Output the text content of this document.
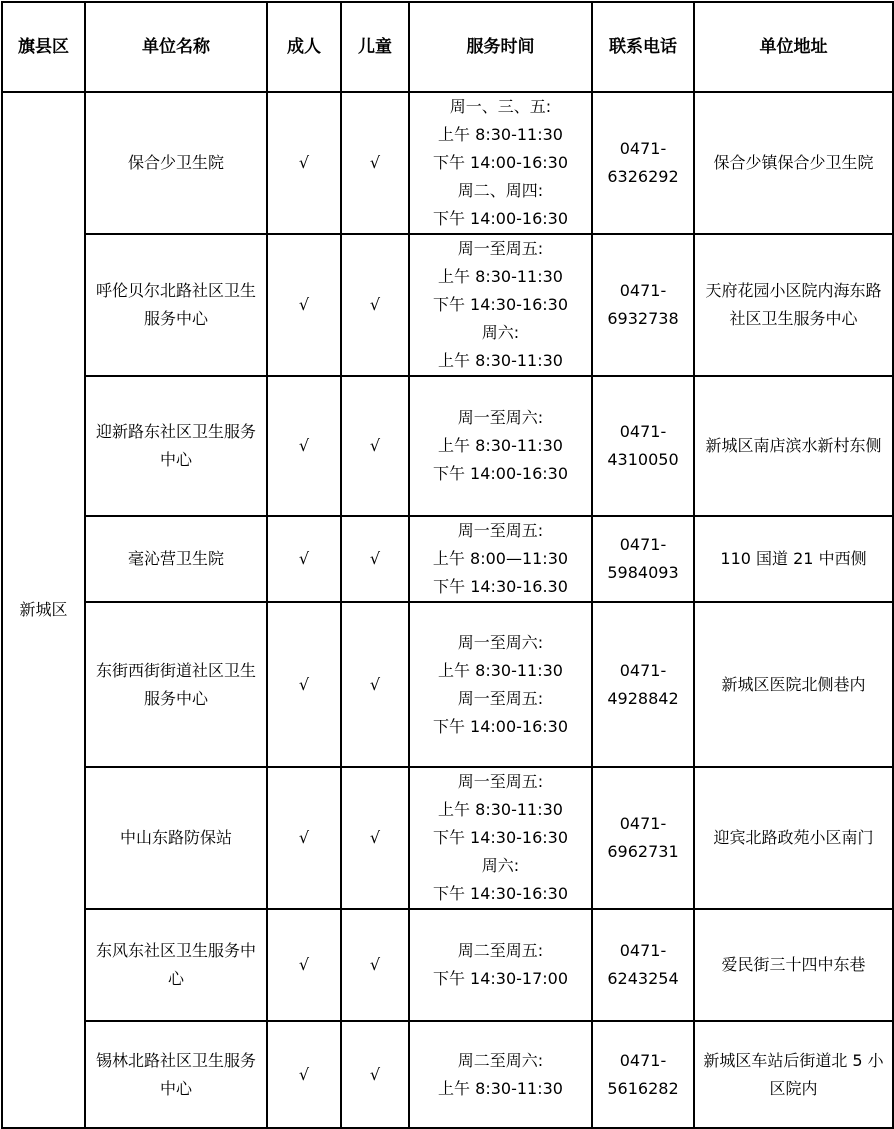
旗县区	单位名称	成人	儿童	服务时间	联系电话	单位地址
新城区	保合少卫生院	√	√	周一、三、五:
上午 8:30-11:30
下午 14:00-16:30
周二、周四:
下午 14:00-16:30	0471-
6326292	保合少镇保合少卫生院
	呼伦贝尔北路社区卫生服务中心	√	√	周一至周五:
上午 8:30-11:30
下午 14:30-16:30
周六:
上午 8:30-11:30	0471-
6932738	天府花园小区院内海东路社区卫生服务中心
	迎新路东社区卫生服务中心	√	√	周一至周六:
上午 8:30-11:30
下午 14:00-16:30	0471-
4310050	新城区南店滨水新村东侧
	毫沁营卫生院	√	√	周一至周五:
上午 8:00—11:30
下午 14:30-16.30	0471-
5984093	110 国道 21 中西侧
	东街西街街道社区卫生服务中心	√	√	周一至周六:
上午 8:30-11:30
周一至周五:
下午 14:00-16:30	0471-
4928842	新城区医院北侧巷内
	中山东路防保站	√	√	周一至周五:
上午 8:30-11:30
下午 14:30-16:30
周六:
下午 14:30-16:30	0471-
6962731	迎宾北路政苑小区南门
	东风东社区卫生服务中心	√	√	周二至周五:
下午 14:30-17:00	0471-
6243254	爱民街三十四中东巷
	锡林北路社区卫生服务中心	√	√	周二至周六:
上午 8:30-11:30	0471-
5616282	新城区车站后街道北 5 小区院内
